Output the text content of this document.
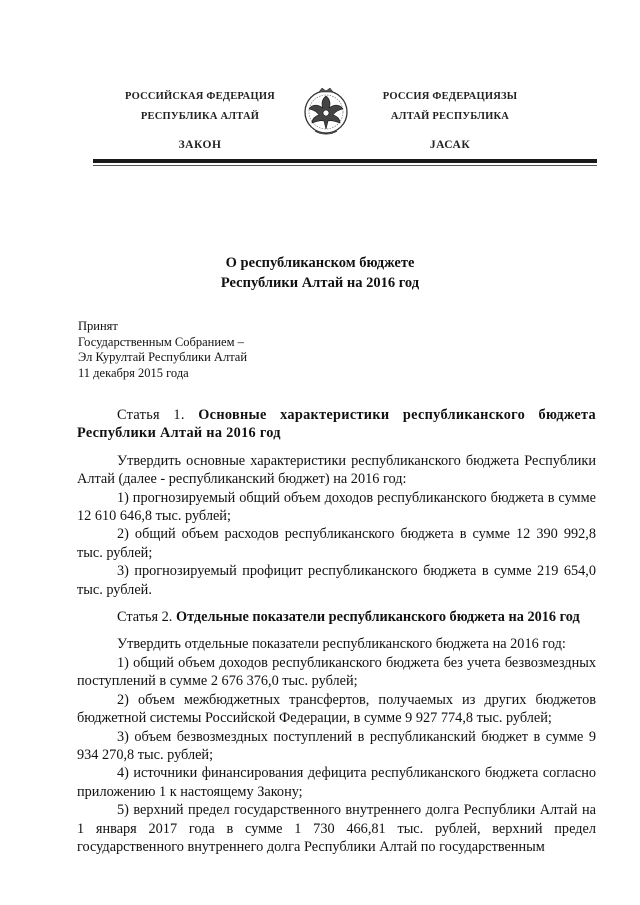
РОССИЙСКАЯ ФЕДЕРАЦИЯ
РЕСПУБЛИКА АЛТАЙ
ЗАКОН
РОССИЯ ФЕДЕРАЦИЯЗЫ
АЛТАЙ РЕСПУБЛИКА
JАСАК
О республиканском бюджете
Республики Алтай на 2016 год
Принят
Государственным Собранием –
Эл Курултай Республики Алтай
11 декабря 2015 года

Статья 1. Основные характеристики республиканского бюджета Республики Алтай на 2016 год

Утвердить основные характеристики республиканского бюджета Республики Алтай (далее - республиканский бюджет) на 2016 год:

1) прогнозируемый общий объем доходов республиканского бюджета в сумме 12 610 646,8 тыс. рублей;

2) общий объем расходов республиканского бюджета в сумме 12 390 992,8 тыс. рублей;

3) прогнозируемый профицит республиканского бюджета в сумме 219 654,0 тыс. рублей.

Статья 2. Отдельные показатели республиканского бюджета на 2016 год

Утвердить отдельные показатели республиканского бюджета на 2016 год:

1) общий объем доходов республиканского бюджета без учета безвозмездных поступлений в сумме 2 676 376,0 тыс. рублей;

2) объем межбюджетных трансфертов, получаемых из других бюджетов бюджетной системы Российской Федерации, в сумме 9 927 774,8 тыс. рублей;

3) объем безвозмездных поступлений в республиканский бюджет в сумме 9 934 270,8 тыс. рублей;

4) источники финансирования дефицита республиканского бюджета согласно приложению 1 к настоящему Закону;

5) верхний предел государственного внутреннего долга Республики Алтай на 1 января 2017 года в сумме 1 730 466,81 тыс. рублей, верхний предел государственного внутреннего долга Республики Алтай по государственным
